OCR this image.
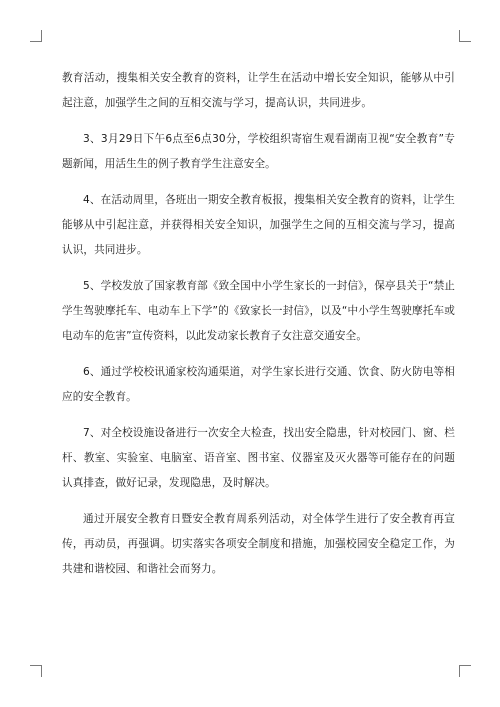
教育活动，搜集相关安全教育的资料，让学生在活动中增长安全知识，能够从中引起注意，加强学生之间的互相交流与学习，提高认识，共同进步。

3、3月29日下午6点至6点30分，学校组织寄宿生观看湖南卫视“安全教育”专题新闻，用活生生的例子教育学生注意安全。

4、在活动周里，各班出一期安全教育板报，搜集相关安全教育的资料，让学生能够从中引起注意，并获得相关安全知识，加强学生之间的互相交流与学习，提高认识，共同进步。

5、学校发放了国家教育部《致全国中小学生家长的一封信》，保亭县关于“禁止学生驾驶摩托车、电动车上下学”的《致家长一封信》，以及“中小学生驾驶摩托车或电动车的危害”宣传资料，以此发动家长教育子女注意交通安全。

6、通过学校校讯通家校沟通渠道，对学生家长进行交通、饮食、防火防电等相应的安全教育。

7、对全校设施设备进行一次安全大检查，找出安全隐患，针对校园门、窗、栏杆、教室、实验室、电脑室、语音室、图书室、仪器室及灭火器等可能存在的问题认真排查，做好记录，发现隐患，及时解决。

通过开展安全教育日暨安全教育周系列活动，对全体学生进行了安全教育再宣传，再动员，再强调。切实落实各项安全制度和措施，加强校园安全稳定工作，为共建和谐校园、和谐社会而努力。
